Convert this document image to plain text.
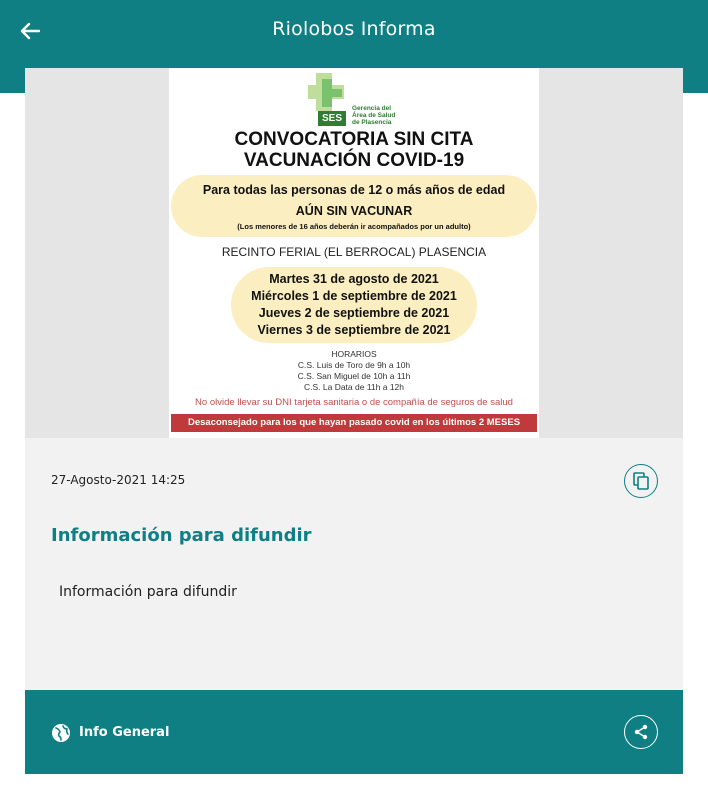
Riolobos Informa
SES
Gerencia del
Área de Salud
de Plasencia
CONVOCATORIA SIN CITA
VACUNACIÓN COVID-19
Para todas las personas de 12 o más años de edad
AÚN SIN VACUNAR
(Los menores de 16 años deberán ir acompañados por un adulto)
RECINTO FERIAL (EL BERROCAL) PLASENCIA
Martes 31 de agosto de 2021
Miércoles 1 de septiembre de 2021
Jueves 2 de septiembre de 2021
Viernes 3 de septiembre de 2021
HORARIOS
C.S. Luis de Toro de 9h a 10h
C.S. San Miguel de 10h a 11h
C.S. La Data de 11h a 12h
No olvide llevar su DNI tarjeta sanitaria o de compañía de seguros de salud
Desaconsejado para los que hayan pasado covid en los últimos 2 MESES
27-Agosto-2021 14:25
Información para difundir
Información para difundir
Info General
